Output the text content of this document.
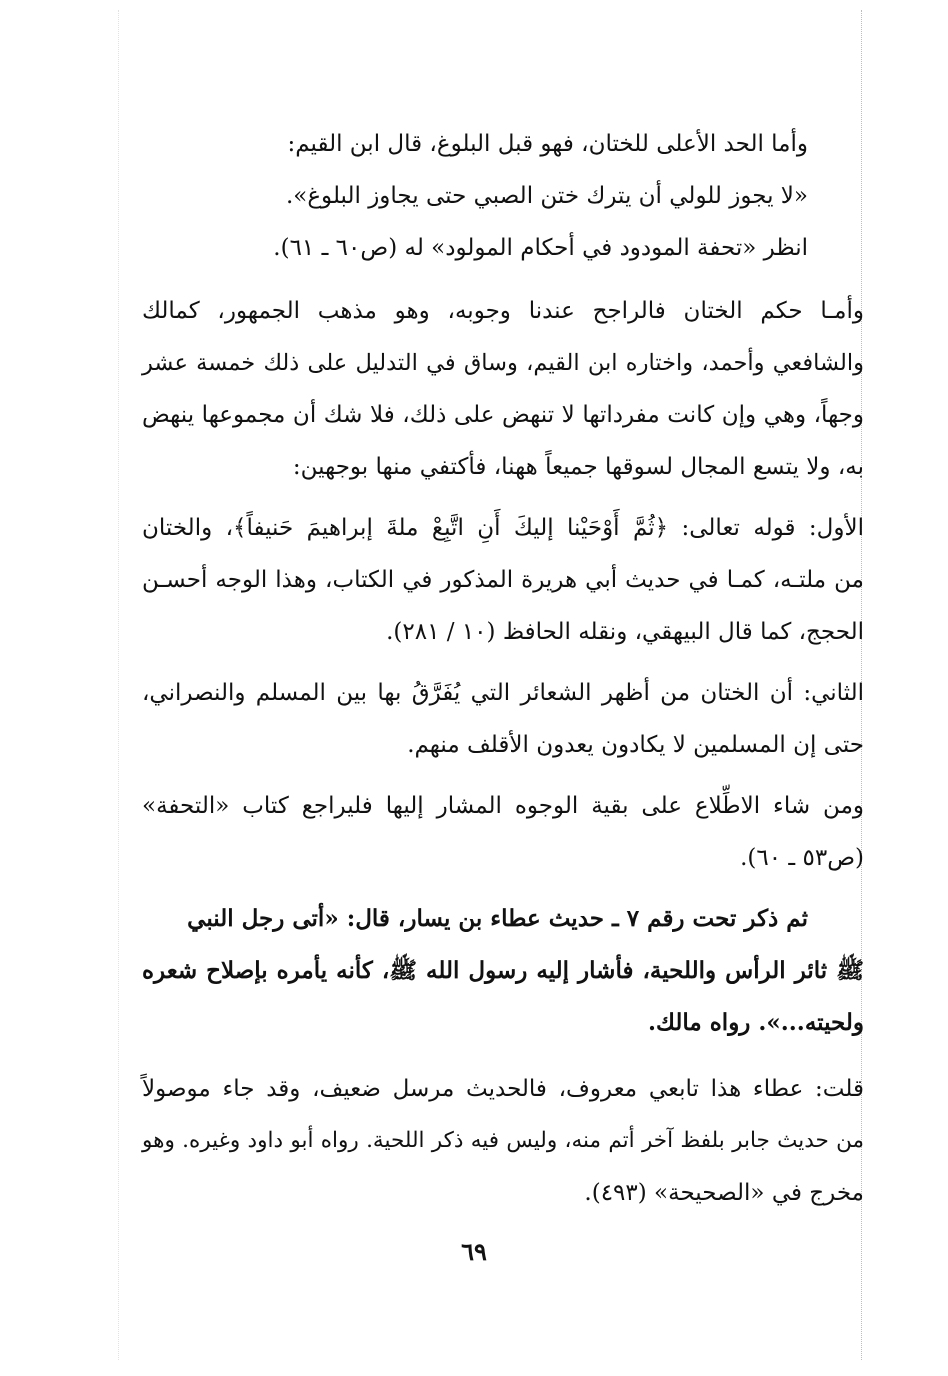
وأما الحد الأعلى للختان، فهو قبل البلوغ، قال ابن القيم:
«لا يجوز للولي أن يترك ختن الصبي حتى يجاوز البلوغ».
انظر «تحفة المودود في أحكام المولود» له (ص٦٠ ـ ٦١).
وأمـا حكم الختان فالراجح عندنا وجوبه، وهو مذهب الجمهور، كمالك
والشافعي وأحمد، واختاره ابن القيم، وساق في التدليل على ذلك خمسة عشر
وجهاً، وهي وإن كانت مفرداتها لا تنهض على ذلك، فلا شك أن مجموعها ينهض
به، ولا يتسع المجال لسوقها جميعاً ههنا، فأكتفي منها بوجهين:
الأول: قوله تعالى: ﴿ثُمَّ أَوْحَيْنا إليكَ أَنِ اتَّبِعْ ملةَ إبراهيمَ حَنيفاً﴾، والختان
من ملتـه، كمـا في حديث أبي هريرة المذكور في الكتاب، وهذا الوجه أحسـن
الحجج، كما قال البيهقي، ونقله الحافظ (١٠ / ٢٨١).
الثاني: أن الختان من أظهر الشعائر التي يُفَرَّقُ بها بين المسلم والنصراني،
حتى إن المسلمين لا يكادون يعدون الأقلف منهم.
ومن شاء الاطِّلاع على بقية الوجوه المشار إليها فليراجع كتاب «التحفة»
(ص٥٣ ـ ٦٠).
ثم ذكر تحت رقم ٧ ـ حديث عطاء بن يسار، قال: «أتى رجل النبي
ﷺ ثائر الرأس واللحية، فأشار إليه رسول الله ﷺ، كأنه يأمره بإصلاح شعره
ولحيته...». رواه مالك.
قلت: عطاء هذا تابعي معروف، فالحديث مرسل ضعيف، وقد جاء موصولاً
من حديث جابر بلفظ آخر أتم منه، وليس فيه ذكر اللحية. رواه أبو داود وغيره. وهو
مخرج في «الصحيحة» (٤٩٣).
٦٩
